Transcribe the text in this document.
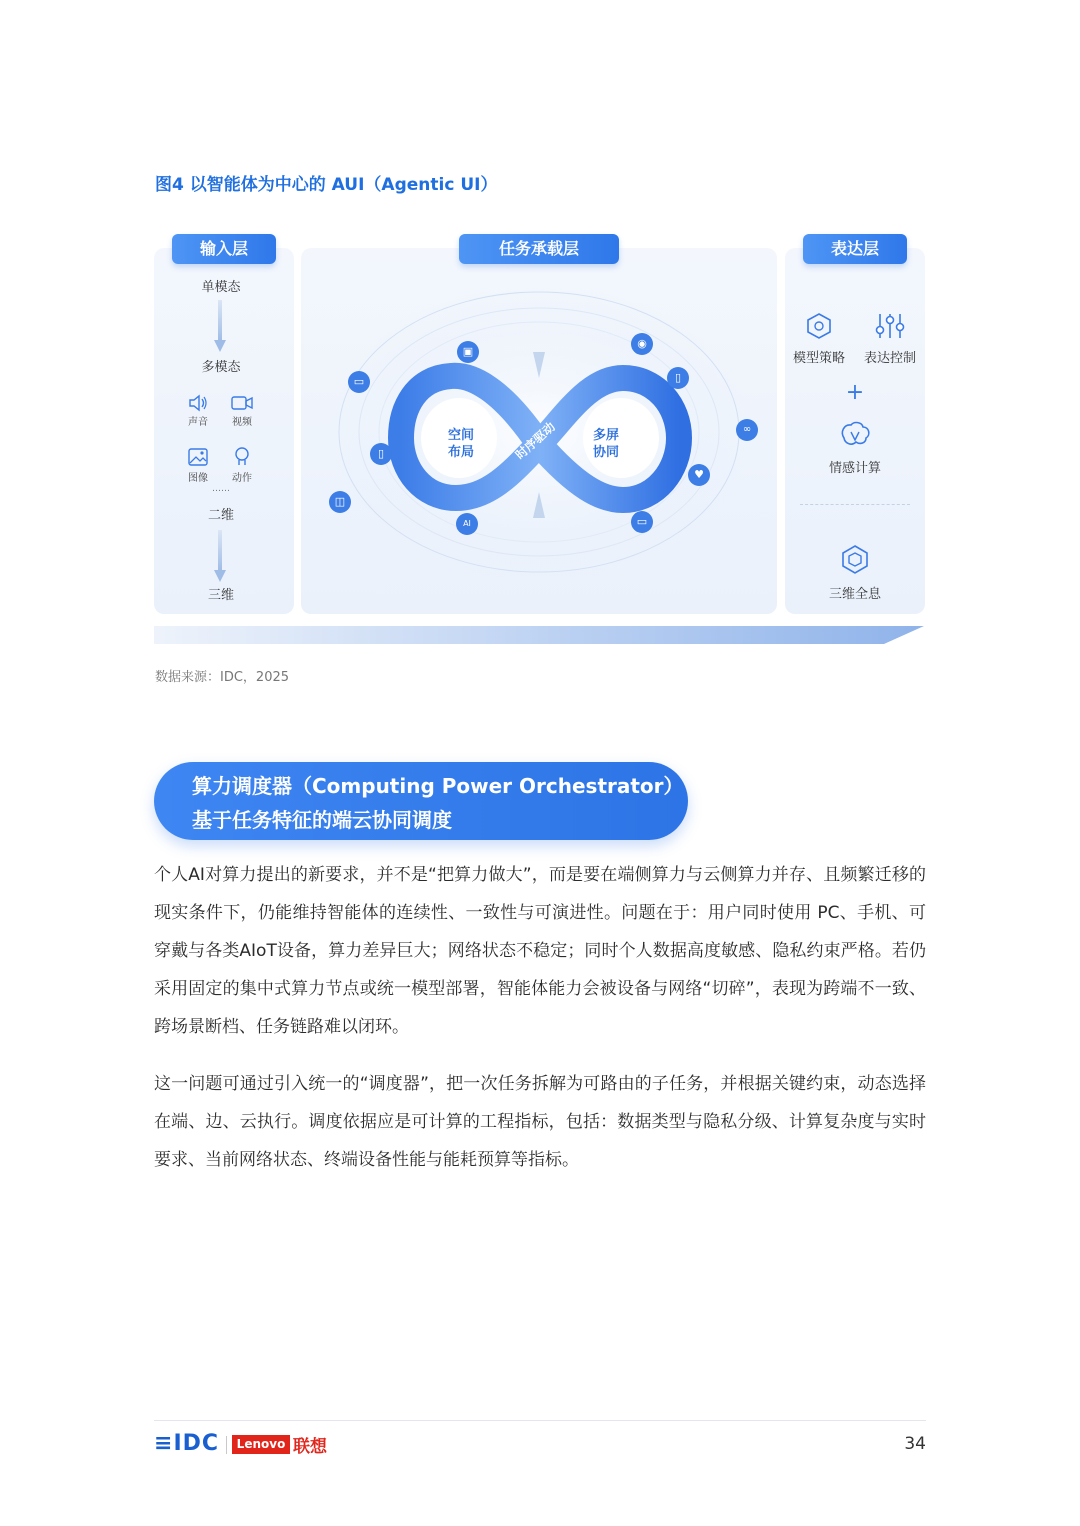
图4 以智能体为中心的 AUI（Agentic UI）
输入层
单模态
多模态
声音	视频
图像	动作
……
二维
三维
任务承载层
空间
布局
多屏
协同
时序驱动
▭
▣
◉
▯
∞
▯
♥
◫
AI	▭
表达层
模型策略	表达控制
+
情感计算
三维全息
数据来源：IDC，2025
算力调度器（Computing Power Orchestrator）
基于任务特征的端云协同调度
个人AI对算力提出的新要求，并不是“把算力做大”，而是要在端侧算力与云侧算力并存、且频繁迁移的现实条件下，仍能维持智能体的连续性、一致性与可演进性。问题在于：用户同时使用 PC、手机、可穿戴与各类AIoT设备，算力差异巨大；网络状态不稳定；同时个人数据高度敏感、隐私约束严格。若仍采用固定的集中式算力节点或统一模型部署，智能体能力会被设备与网络“切碎”，表现为跨端不一致、跨场景断档、任务链路难以闭环。
这一问题可通过引入统一的“调度器”，把一次任务拆解为可路由的子任务，并根据关键约束，动态选择在端、边、云执行。调度依据应是可计算的工程指标，包括：数据类型与隐私分级、计算复杂度与实时要求、当前网络状态、终端设备性能与能耗预算等指标。
≡IDC	Lenovo 联想	34
